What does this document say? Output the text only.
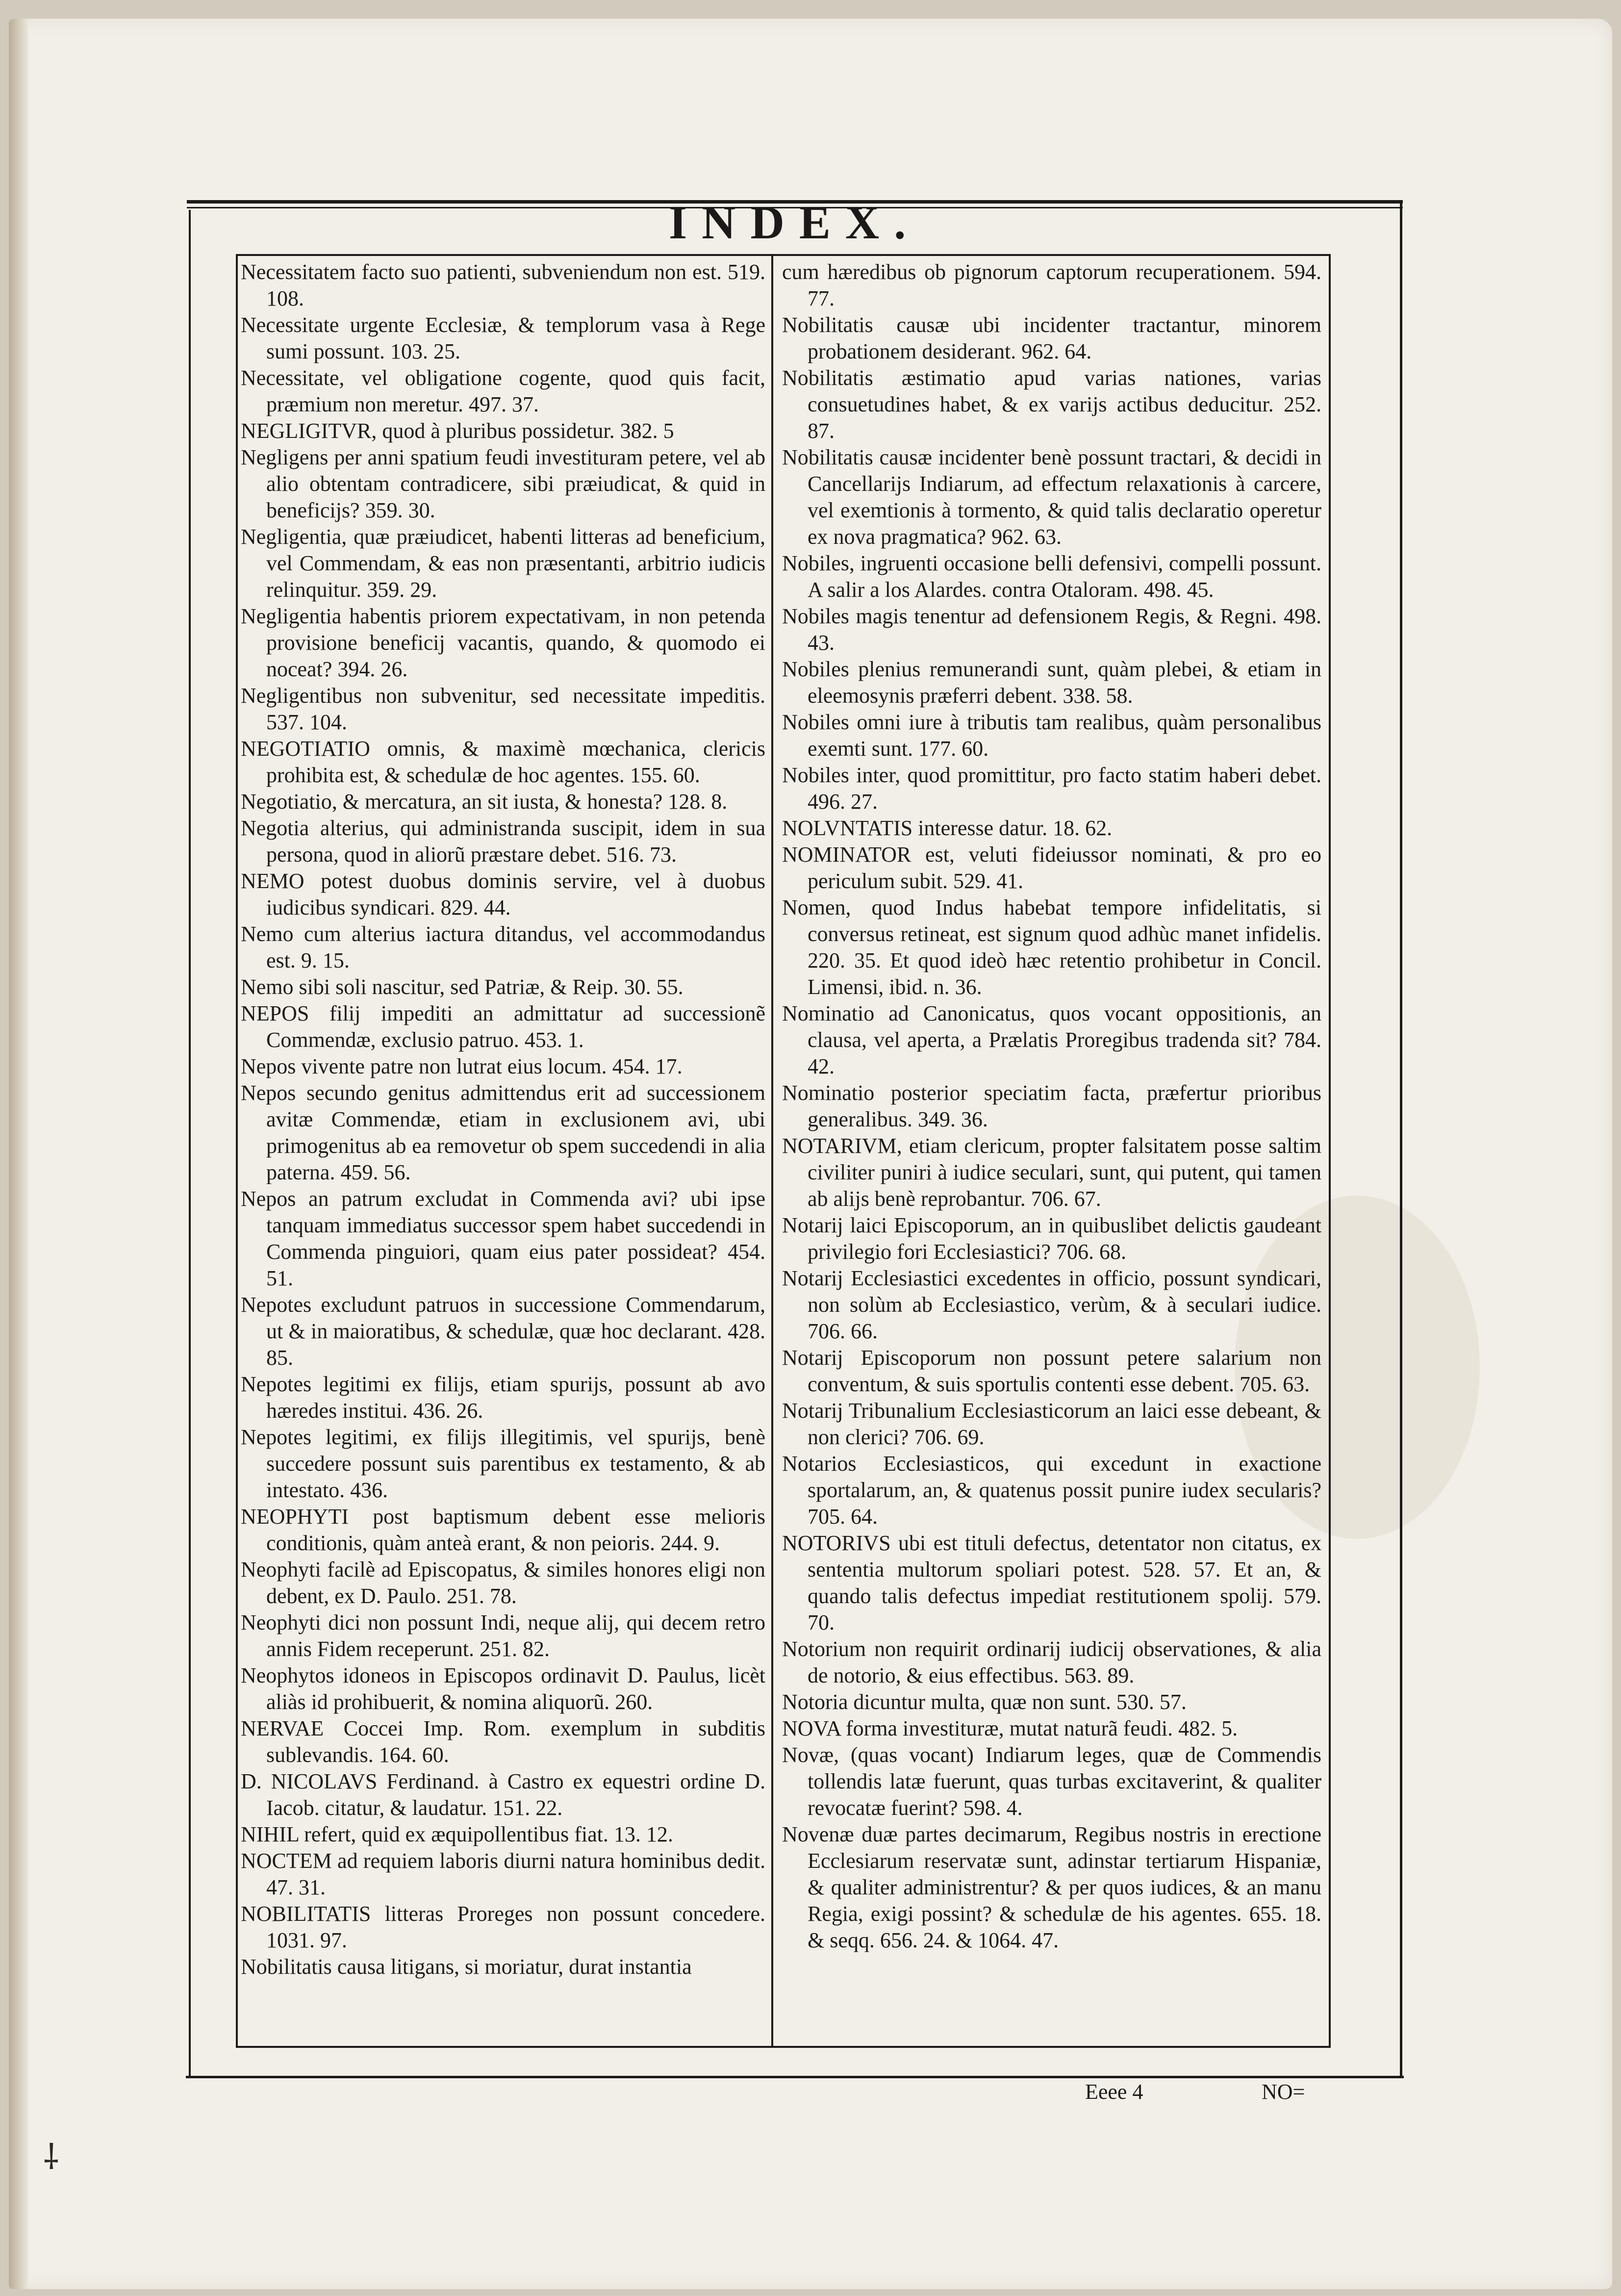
INDEX.

Necessitatem facto suo patienti, subveniendum non est. 519. 108.

Necessitate urgente Ecclesiæ, & templorum vasa à Rege sumi possunt. 103. 25.

Necessitate, vel obligatione cogente, quod quis facit, præmium non meretur. 497. 37.

NEGLIGITVR, quod à pluribus possidetur. 382. 5

Negligens per anni spatium feudi investituram petere, vel ab alio obtentam contradicere, sibi præiudicat, & quid in beneficijs? 359. 30.

Negligentia, quæ præiudicet, habenti litteras ad beneficium, vel Commendam, & eas non præsentanti, arbitrio iudicis relinquitur. 359. 29.

Negligentia habentis priorem expectativam, in non petenda provisione beneficij vacantis, quando, & quomodo ei noceat? 394. 26.

Negligentibus non subvenitur, sed necessitate impeditis. 537. 104.

NEGOTIATIO omnis, & maximè mœchanica, clericis prohibita est, & schedulæ de hoc agentes. 155. 60.

Negotiatio, & mercatura, an sit iusta, & honesta? 128. 8.

Negotia alterius, qui administranda suscipit, idem in sua persona, quod in aliorũ præstare debet. 516. 73.

NEMO potest duobus dominis servire, vel à duobus iudicibus syndicari. 829. 44.

Nemo cum alterius iactura ditandus, vel accommodandus est. 9. 15.

Nemo sibi soli nascitur, sed Patriæ, & Reip. 30. 55.

NEPOS filij impediti an admittatur ad successionẽ Commendæ, exclusio patruo. 453. 1.

Nepos vivente patre non lutrat eius locum. 454. 17.

Nepos secundo genitus admittendus erit ad successionem avitæ Commendæ, etiam in exclusionem avi, ubi primogenitus ab ea removetur ob spem succedendi in alia paterna. 459. 56.

Nepos an patrum excludat in Commenda avi? ubi ipse tanquam immediatus successor spem habet succedendi in Commenda pinguiori, quam eius pater possideat? 454. 51.

Nepotes excludunt patruos in successione Commendarum, ut & in maioratibus, & schedulæ, quæ hoc declarant. 428. 85.

Nepotes legitimi ex filijs, etiam spurijs, possunt ab avo hæredes institui. 436. 26.

Nepotes legitimi, ex filijs illegitimis, vel spurijs, benè succedere possunt suis parentibus ex testamento, & ab intestato. 436.

NEOPHYTI post baptismum debent esse melioris conditionis, quàm anteà erant, & non peioris. 244. 9.

Neophyti facilè ad Episcopatus, & similes honores eligi non debent, ex D. Paulo. 251. 78.

Neophyti dici non possunt Indi, neque alij, qui decem retro annis Fidem receperunt. 251. 82.

Neophytos idoneos in Episcopos ordinavit D. Paulus, licèt aliàs id prohibuerit, & nomina aliquorũ. 260.

NERVAE Coccei Imp. Rom. exemplum in subditis sublevandis. 164. 60.

D. NICOLAVS Ferdinand. à Castro ex equestri ordine D. Iacob. citatur, & laudatur. 151. 22.

NIHIL refert, quid ex æquipollentibus fiat. 13. 12.

NOCTEM ad requiem laboris diurni natura hominibus dedit. 47. 31.

NOBILITATIS litteras Proreges non possunt concedere. 1031. 97.

Nobilitatis causa litigans, si moriatur, durat instantia

cum hæredibus ob pignorum captorum recuperationem. 594. 77.

Nobilitatis causæ ubi incidenter tractantur, minorem probationem desiderant. 962. 64.

Nobilitatis æstimatio apud varias nationes, varias consuetudines habet, & ex varijs actibus deducitur. 252. 87.

Nobilitatis causæ incidenter benè possunt tractari, & decidi in Cancellarijs Indiarum, ad effectum relaxationis à carcere, vel exemtionis à tormento, & quid talis declaratio operetur ex nova pragmatica? 962. 63.

Nobiles, ingruenti occasione belli defensivi, compelli possunt. A salir a los Alardes. contra Otaloram. 498. 45.

Nobiles magis tenentur ad defensionem Regis, & Regni. 498. 43.

Nobiles plenius remunerandi sunt, quàm plebei, & etiam in eleemosynis præferri debent. 338. 58.

Nobiles omni iure à tributis tam realibus, quàm personalibus exemti sunt. 177. 60.

Nobiles inter, quod promittitur, pro facto statim haberi debet. 496. 27.

NOLVNTATIS interesse datur. 18. 62.

NOMINATOR est, veluti fideiussor nominati, & pro eo periculum subit. 529. 41.

Nomen, quod Indus habebat tempore infidelitatis, si conversus retineat, est signum quod adhùc manet infidelis. 220. 35. Et quod ideò hæc retentio prohibetur in Concil. Limensi, ibid. n. 36.

Nominatio ad Canonicatus, quos vocant oppositionis, an clausa, vel aperta, a Prælatis Proregibus tradenda sit? 784. 42.

Nominatio posterior speciatim facta, præfertur prioribus generalibus. 349. 36.

NOTARIVM, etiam clericum, propter falsitatem posse saltim civiliter puniri à iudice seculari, sunt, qui putent, qui tamen ab alijs benè reprobantur. 706. 67.

Notarij laici Episcoporum, an in quibuslibet delictis gaudeant privilegio fori Ecclesiastici? 706. 68.

Notarij Ecclesiastici excedentes in officio, possunt syndicari, non solùm ab Ecclesiastico, verùm, & à seculari iudice. 706. 66.

Notarij Episcoporum non possunt petere salarium non conventum, & suis sportulis contenti esse debent. 705. 63.

Notarij Tribunalium Ecclesiasticorum an laici esse debeant, & non clerici? 706. 69.

Notarios Ecclesiasticos, qui excedunt in exactione sportalarum, an, & quatenus possit punire iudex secularis? 705. 64.

NOTORIVS ubi est tituli defectus, detentator non citatus, ex sententia multorum spoliari potest. 528. 57. Et an, & quando talis defectus impediat restitutionem spolij. 579. 70.

Notorium non requirit ordinarij iudicij observationes, & alia de notorio, & eius effectibus. 563. 89.

Notoria dicuntur multa, quæ non sunt. 530. 57.

NOVA forma investituræ, mutat naturã feudi. 482. 5.

Novæ, (quas vocant) Indiarum leges, quæ de Commendis tollendis latæ fuerunt, quas turbas excitaverint, & qualiter revocatæ fuerint? 598. 4.

Novenæ duæ partes decimarum, Regibus nostris in erectione Ecclesiarum reservatæ sunt, adinstar tertiarum Hispaniæ, & qualiter administrentur? & per quos iudices, & an manu Regia, exigi possint? & schedulæ de his agentes. 655. 18. & seqq. 656. 24. & 1064. 47.

Eeee 4	NO=
⸸
